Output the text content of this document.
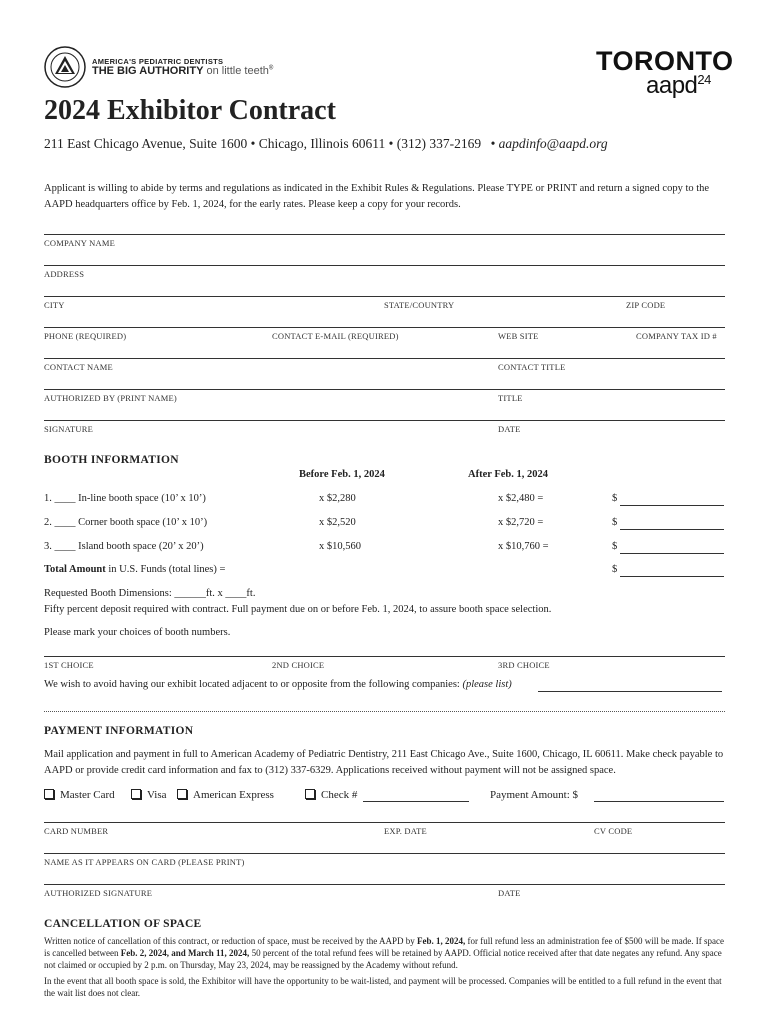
AMERICA'S PEDIATRIC DENTISTS
THE BIG AUTHORITY on little teeth®	TORONTO
aapd$^{24}$
2024 Exhibitor Contract
211 East Chicago Avenue, Suite 1600 • Chicago, Illinois 60611 • (312) 337-2169 • aapdinfo@aapd.org
Applicant is willing to abide by terms and regulations as indicated in the Exhibit Rules & Regulations. Please TYPE or PRINT and return a signed copy to the AAPD headquarters office by Feb. 1, 2024, for the early rates. Please keep a copy for your records.
COMPANY NAME
ADDRESS
CITY	STATE/COUNTRY	ZIP CODE
PHONE (REQUIRED)	CONTACT E-MAIL (REQUIRED)	WEB SITE	COMPANY TAX ID #
CONTACT NAME	CONTACT TITLE
AUTHORIZED BY (PRINT NAME)	TITLE
SIGNATURE	DATE
BOOTH INFORMATION
Before Feb. 1, 2024	After Feb. 1, 2024
1. ____ In-line booth space (10’ x 10’)	x $2,280	x $2,480 =	$
2. ____ Corner booth space (10’ x 10’)	x $2,520	x $2,720 =	$
3. ____ Island booth space (20’ x 20’)	x $10,560	x $10,760 =	$
Total Amount in U.S. Funds (total lines) =	$
Requested Booth Dimensions: ______ft. x ____ft.
Fifty percent deposit required with contract. Full payment due on or before Feb. 1, 2024, to assure booth space selection.
Please mark your choices of booth numbers.
1ST CHOICE	2ND CHOICE	3RD CHOICE
We wish to avoid having our exhibit located adjacent to or opposite from the following companies: (please list)
PAYMENT INFORMATION
Mail application and payment in full to American Academy of Pediatric Dentistry, 211 East Chicago Ave., Suite 1600, Chicago, IL 60611. Make check payable to AAPD or provide credit card information and fax to (312) 337-6329. Applications received without payment will not be assigned space.
Master Card	Visa	American Express	Check #	Payment Amount: $
CARD NUMBER	EXP. DATE	CV CODE
NAME AS IT APPEARS ON CARD (PLEASE PRINT)
AUTHORIZED SIGNATURE	DATE
CANCELLATION OF SPACE
Written notice of cancellation of this contract, or reduction of space, must be received by the AAPD by Feb. 1, 2024, for full refund less an administration fee of $500 will be made. If space is cancelled between Feb. 2, 2024, and March 11, 2024, 50 percent of the total refund fees will be retained by AAPD. Official notice received after that date negates any refund. Any space not claimed or occupied by 2 p.m. on Thursday, May 23, 2024, may be reassigned by the Academy without refund.
In the event that all booth space is sold, the Exhibitor will have the opportunity to be wait-listed, and payment will be processed. Companies will be entitled to a full refund in the event that the wait list does not clear.
